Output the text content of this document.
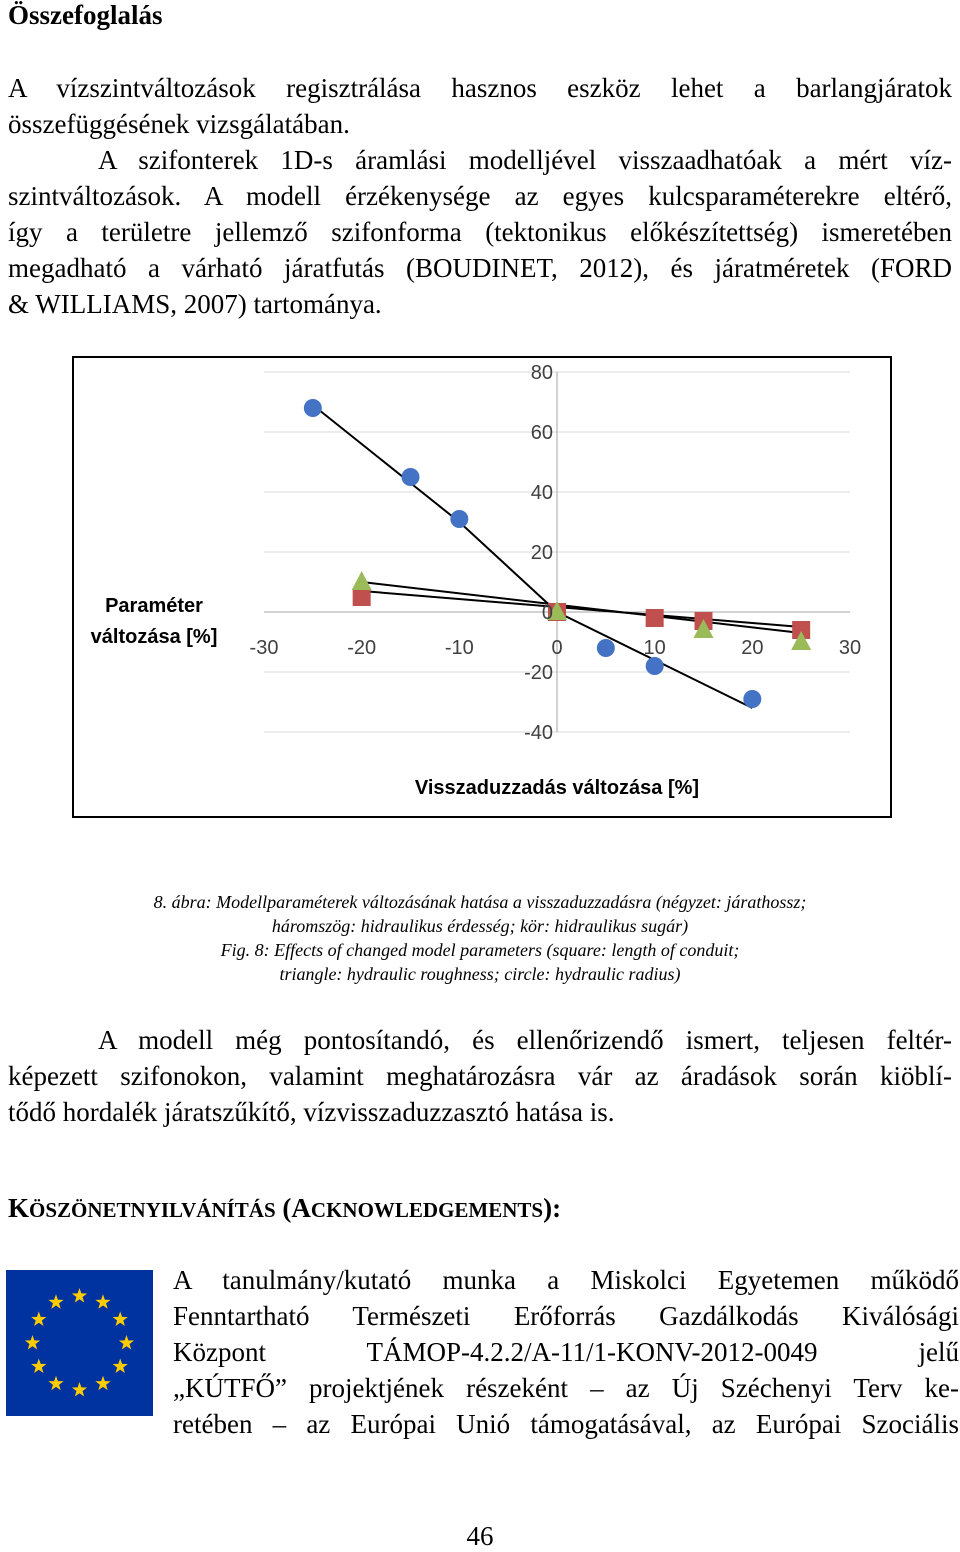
Összefoglalás
A vízszintváltozások regisztrálása hasznos eszköz lehet a barlangjáratok
összefüggésének vizsgálatában.
A szifonterek 1D-s áramlási modelljével visszaadhatóak a mért víz-
szintváltozások. A modell érzékenysége az egyes kulcsparaméterekre eltérő,
így a területre jellemző szifonforma (tektonikus előkészítettség) ismeretében
megadható a várható járatfutás (BOUDINET, 2012), és járatméretek (FORD
& WILLIAMS, 2007) tartománya.
80
60
40
20
0
-20
-40
-30	-20	-10	0	10	20	30
Paraméter változása [%]
Visszaduzzadás változása [%]
8. ábra: Modellparaméterek változásának hatása a visszaduzzadásra (négyzet: járathossz;
háromszög: hidraulikus érdesség; kör: hidraulikus sugár)
Fig. 8: Effects of changed model parameters (square: length of conduit;
triangle: hydraulic roughness; circle: hydraulic radius)
A modell még pontosítandó, és ellenőrizendő ismert, teljesen feltér-
képezett szifonokon, valamint meghatározásra vár az áradások során kiöblí-
tődő hordalék járatszűkítő, vízvisszaduzzasztó hatása is.
KÖSZÖNETNYILVÁNÍTÁS (ACKNOWLEDGEMENTS):
A tanulmány/kutató munka a Miskolci Egyetemen működő
Fenntartható Természeti Erőforrás Gazdálkodás Kiválósági
Központ TÁMOP-4.2.2/A-11/1-KONV-2012-0049 jelű
„KÚTFŐ” projektjének részeként – az Új Széchenyi Terv ke-
retében – az Európai Unió támogatásával, az Európai Szociális
46
